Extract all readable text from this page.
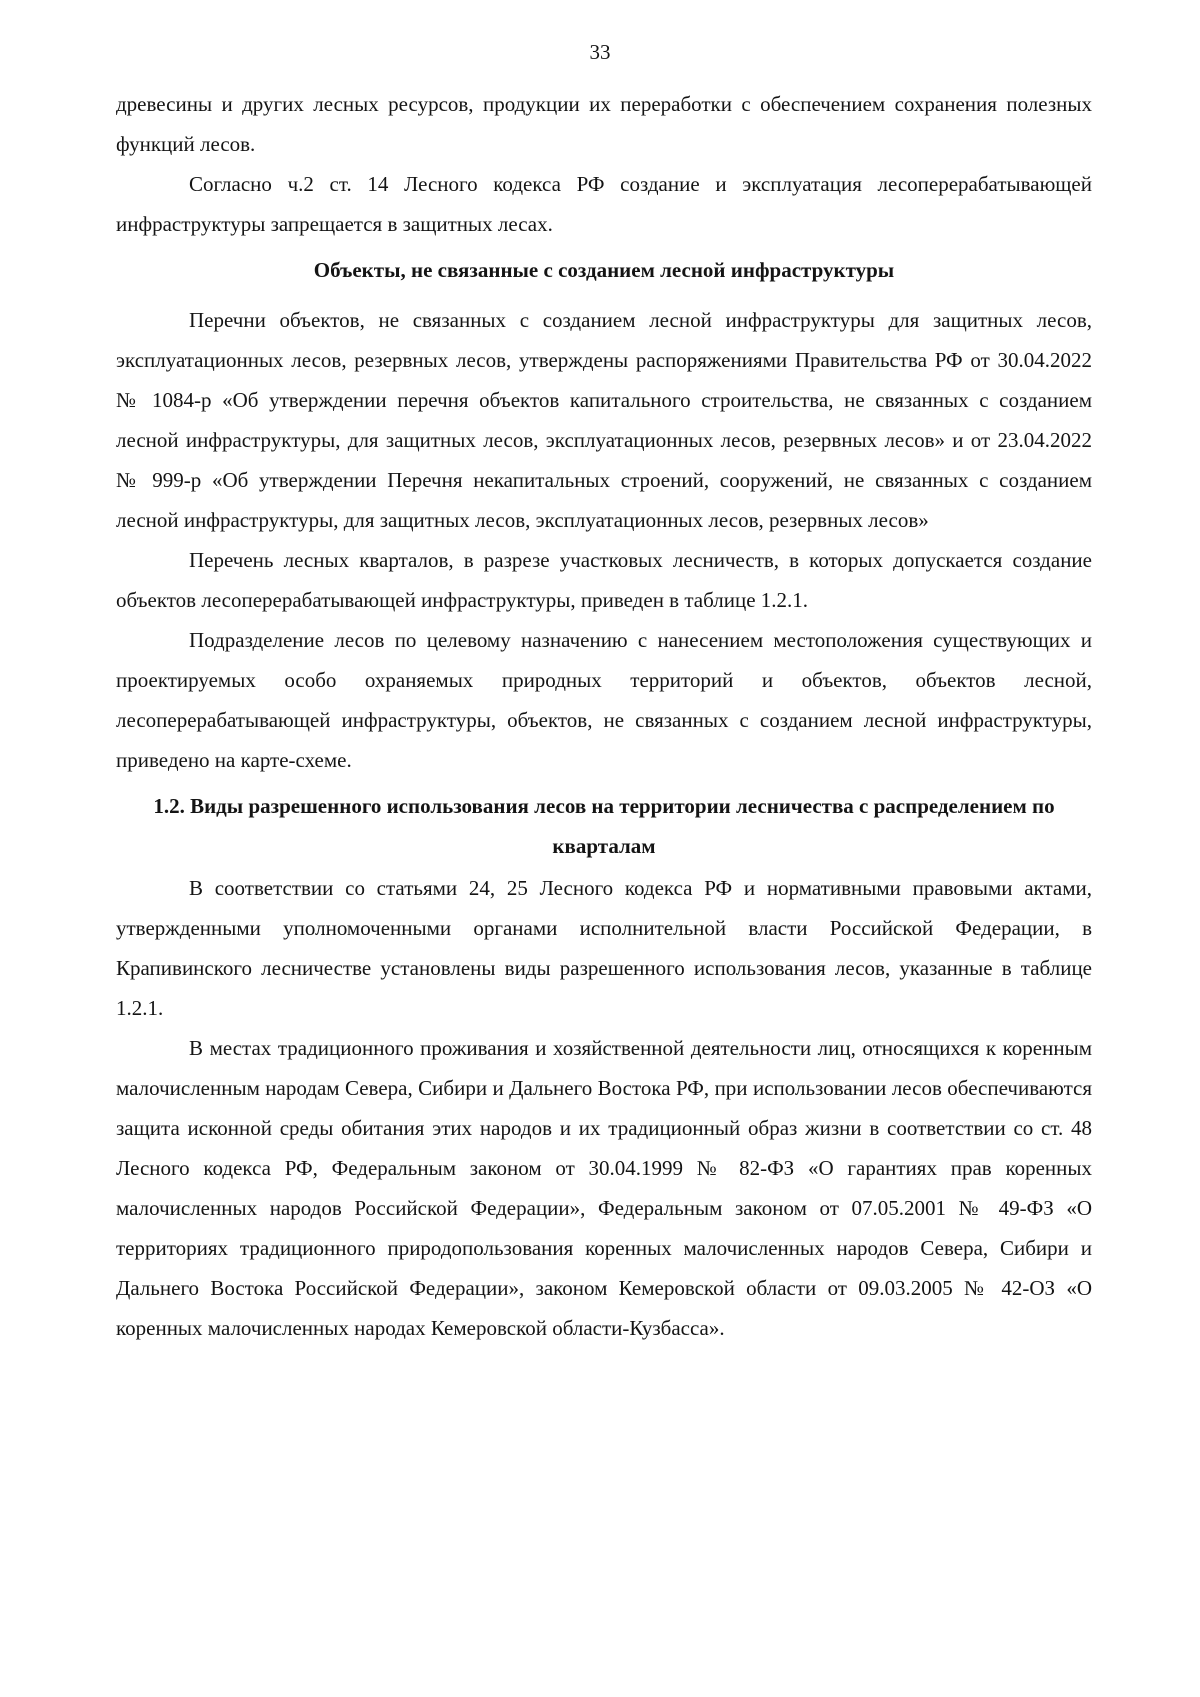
33

древесины и других лесных ресурсов, продукции их переработки с обеспечением сохранения полезных функций лесов.

Согласно ч.2 ст. 14 Лесного кодекса РФ создание и эксплуатация лесоперерабатывающей инфраструктуры запрещается в защитных лесах.

Объекты, не связанные с созданием лесной инфраструктуры

Перечни объектов, не связанных с созданием лесной инфраструктуры для защитных лесов, эксплуатационных лесов, резервных лесов, утверждены распоряжениями Правительства РФ от 30.04.2022 № 1084-р «Об утверждении перечня объектов капитального строительства, не связанных с созданием лесной инфраструктуры, для защитных лесов, эксплуатационных лесов, резервных лесов» и от 23.04.2022 № 999-р «Об утверждении Перечня некапитальных строений, сооружений, не связанных с созданием лесной инфраструктуры, для защитных лесов, эксплуатационных лесов, резервных лесов»

Перечень лесных кварталов, в разрезе участковых лесничеств, в которых допускается создание объектов лесоперерабатывающей инфраструктуры, приведен в таблице 1.2.1.

Подразделение лесов по целевому назначению с нанесением местоположения существующих и проектируемых особо охраняемых природных территорий и объектов, объектов лесной, лесоперерабатывающей инфраструктуры, объектов, не связанных с созданием лесной инфраструктуры, приведено на карте-схеме.

1.2. Виды разрешенного использования лесов на территории лесничества с распределением по кварталам

В соответствии со статьями 24, 25 Лесного кодекса РФ и нормативными правовыми актами, утвержденными уполномоченными органами исполнительной власти Российской Федерации, в Крапивинского лесничестве установлены виды разрешенного использования лесов, указанные в таблице 1.2.1.

В местах традиционного проживания и хозяйственной деятельности лиц, относящихся к коренным малочисленным народам Севера, Сибири и Дальнего Востока РФ, при использовании лесов обеспечиваются защита исконной среды обитания этих народов и их традиционный образ жизни в соответствии со ст. 48 Лесного кодекса РФ, Федеральным законом от 30.04.1999 № 82-ФЗ «О гарантиях прав коренных малочисленных народов Российской Федерации», Федеральным законом от 07.05.2001 № 49-ФЗ «О территориях традиционного природопользования коренных малочисленных народов Севера, Сибири и Дальнего Востока Российской Федерации», законом Кемеровской области от 09.03.2005 № 42-ОЗ «О коренных малочисленных народах Кемеровской области-Кузбасса».
